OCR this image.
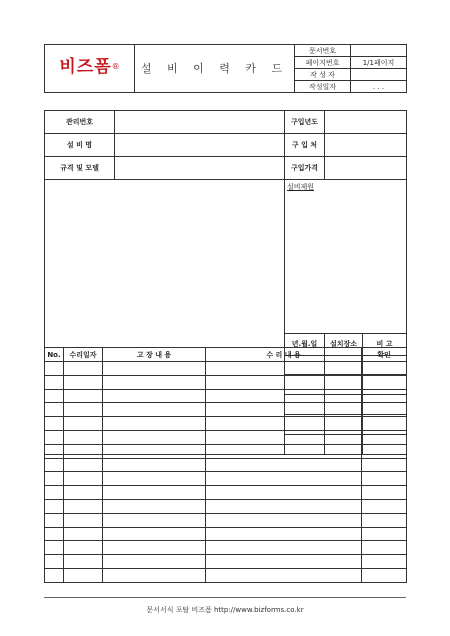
비즈폼®	설 비 이 력 카 드	문서번호	
		페이지번호	1/1페이지
		작 성 자	
		작성일자	. . .
관리번호		구입년도		
설 비 명		구 입 처		
규격 및 모델		구입가격		
		설비제원		
		년.월.일	설치장소	비 고

No.	수리일자	고 장 내 용	수 리 내 용	확인

문서서식 포탈 비즈폼 http://www.bizforms.co.kr
